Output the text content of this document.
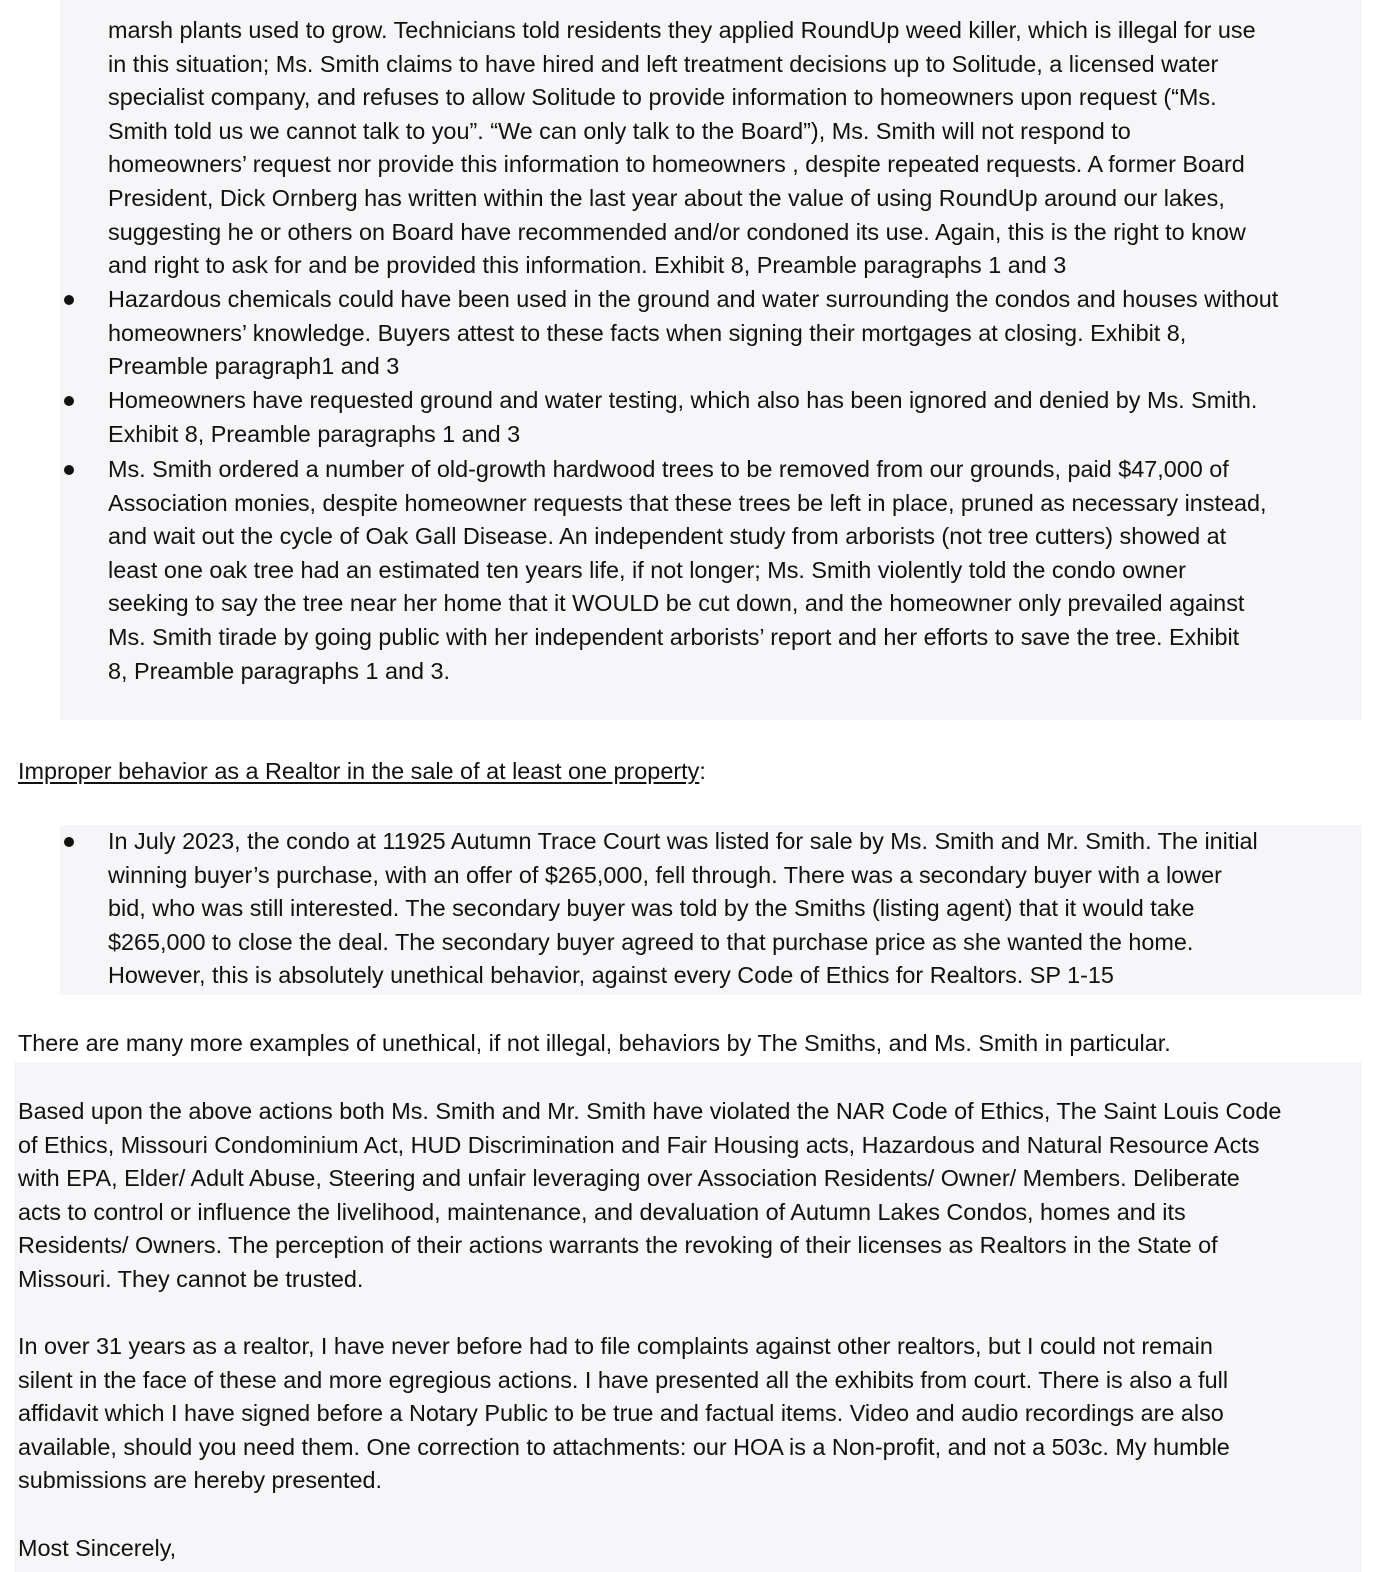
marsh plants used to grow. Technicians told residents they applied RoundUp weed killer, which is illegal for use
in this situation; Ms. Smith claims to have hired and left treatment decisions up to Solitude, a licensed water
specialist company, and refuses to allow Solitude to provide information to homeowners upon request (“Ms.
Smith told us we cannot talk to you”. “We can only talk to the Board”), Ms. Smith will not respond to
homeowners’ request nor provide this information to homeowners , despite repeated requests. A former Board
President, Dick Ornberg has written within the last year about the value of using RoundUp around our lakes,
suggesting he or others on Board have recommended and/or condoned its use. Again, this is the right to know
and right to ask for and be provided this information. Exhibit 8, Preamble paragraphs 1 and 3
Hazardous chemicals could have been used in the ground and water surrounding the condos and houses without
homeowners’ knowledge. Buyers attest to these facts when signing their mortgages at closing. Exhibit 8,
Preamble paragraph1 and 3
Homeowners have requested ground and water testing, which also has been ignored and denied by Ms. Smith.
Exhibit 8, Preamble paragraphs 1 and 3
Ms. Smith ordered a number of old-growth hardwood trees to be removed from our grounds, paid $47,000 of
Association monies, despite homeowner requests that these trees be left in place, pruned as necessary instead,
and wait out the cycle of Oak Gall Disease. An independent study from arborists (not tree cutters) showed at
least one oak tree had an estimated ten years life, if not longer; Ms. Smith violently told the condo owner
seeking to say the tree near her home that it WOULD be cut down, and the homeowner only prevailed against
Ms. Smith tirade by going public with her independent arborists’ report and her efforts to save the tree. Exhibit
8, Preamble paragraphs 1 and 3.
Improper behavior as a Realtor in the sale of at least one property:
In July 2023, the condo at 11925 Autumn Trace Court was listed for sale by Ms. Smith and Mr. Smith. The initial
winning buyer’s purchase, with an offer of $265,000, fell through. There was a secondary buyer with a lower
bid, who was still interested. The secondary buyer was told by the Smiths (listing agent) that it would take
$265,000 to close the deal. The secondary buyer agreed to that purchase price as she wanted the home.
However, this is absolutely unethical behavior, against every Code of Ethics for Realtors. SP 1-15
There are many more examples of unethical, if not illegal, behaviors by The Smiths, and Ms. Smith in particular.
Based upon the above actions both Ms. Smith and Mr. Smith have violated the NAR Code of Ethics, The Saint Louis Code
of Ethics, Missouri Condominium Act, HUD Discrimination and Fair Housing acts, Hazardous and Natural Resource Acts
with EPA, Elder/ Adult Abuse, Steering and unfair leveraging over Association Residents/ Owner/ Members. Deliberate
acts to control or influence the livelihood, maintenance, and devaluation of Autumn Lakes Condos, homes and its
Residents/ Owners. The perception of their actions warrants the revoking of their licenses as Realtors in the State of
Missouri. They cannot be trusted.
In over 31 years as a realtor, I have never before had to file complaints against other realtors, but I could not remain
silent in the face of these and more egregious actions. I have presented all the exhibits from court. There is also a full
affidavit which I have signed before a Notary Public to be true and factual items. Video and audio recordings are also
available, should you need them. One correction to attachments: our HOA is a Non-profit, and not a 503c. My humble
submissions are hereby presented.
Most Sincerely,
